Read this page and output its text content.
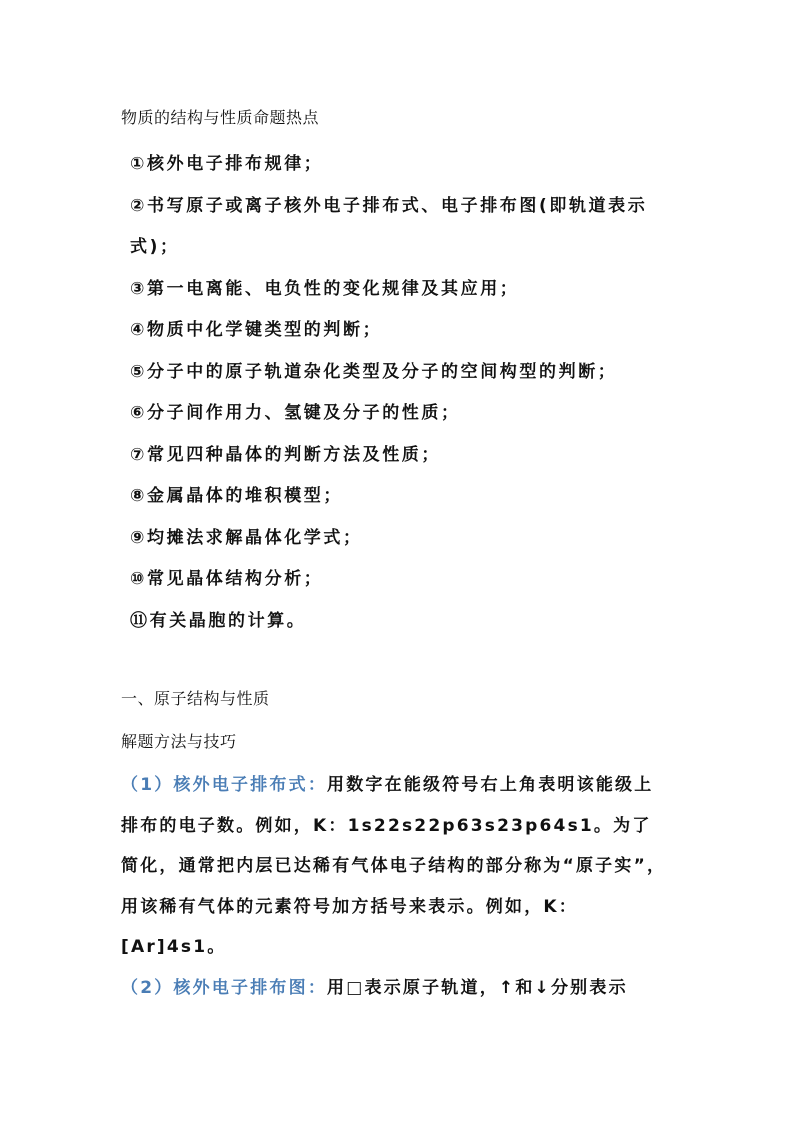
物质的结构与性质命题热点
①核外电子排布规律；
②书写原子或离子核外电子排布式、电子排布图(即轨道表示式)；
③第一电离能、电负性的变化规律及其应用；
④物质中化学键类型的判断；
⑤分子中的原子轨道杂化类型及分子的空间构型的判断；
⑥分子间作用力、氢键及分子的性质；
⑦常见四种晶体的判断方法及性质；
⑧金属晶体的堆积模型；
⑨均摊法求解晶体化学式；
⑩常见晶体结构分析；
⑪有关晶胞的计算。
一、原子结构与性质
解题方法与技巧

（1）核外电子排布式：用数字在能级符号右上角表明该能级上排布的电子数。例如，K：1s22s22p63s23p64s1。为了简化，通常把内层已达稀有气体电子结构的部分称为“原子实”，用该稀有气体的元素符号加方括号来表示。例如，K：[Ar]4s1。

（2）核外电子排布图：用□表示原子轨道，↑和↓分别表示
